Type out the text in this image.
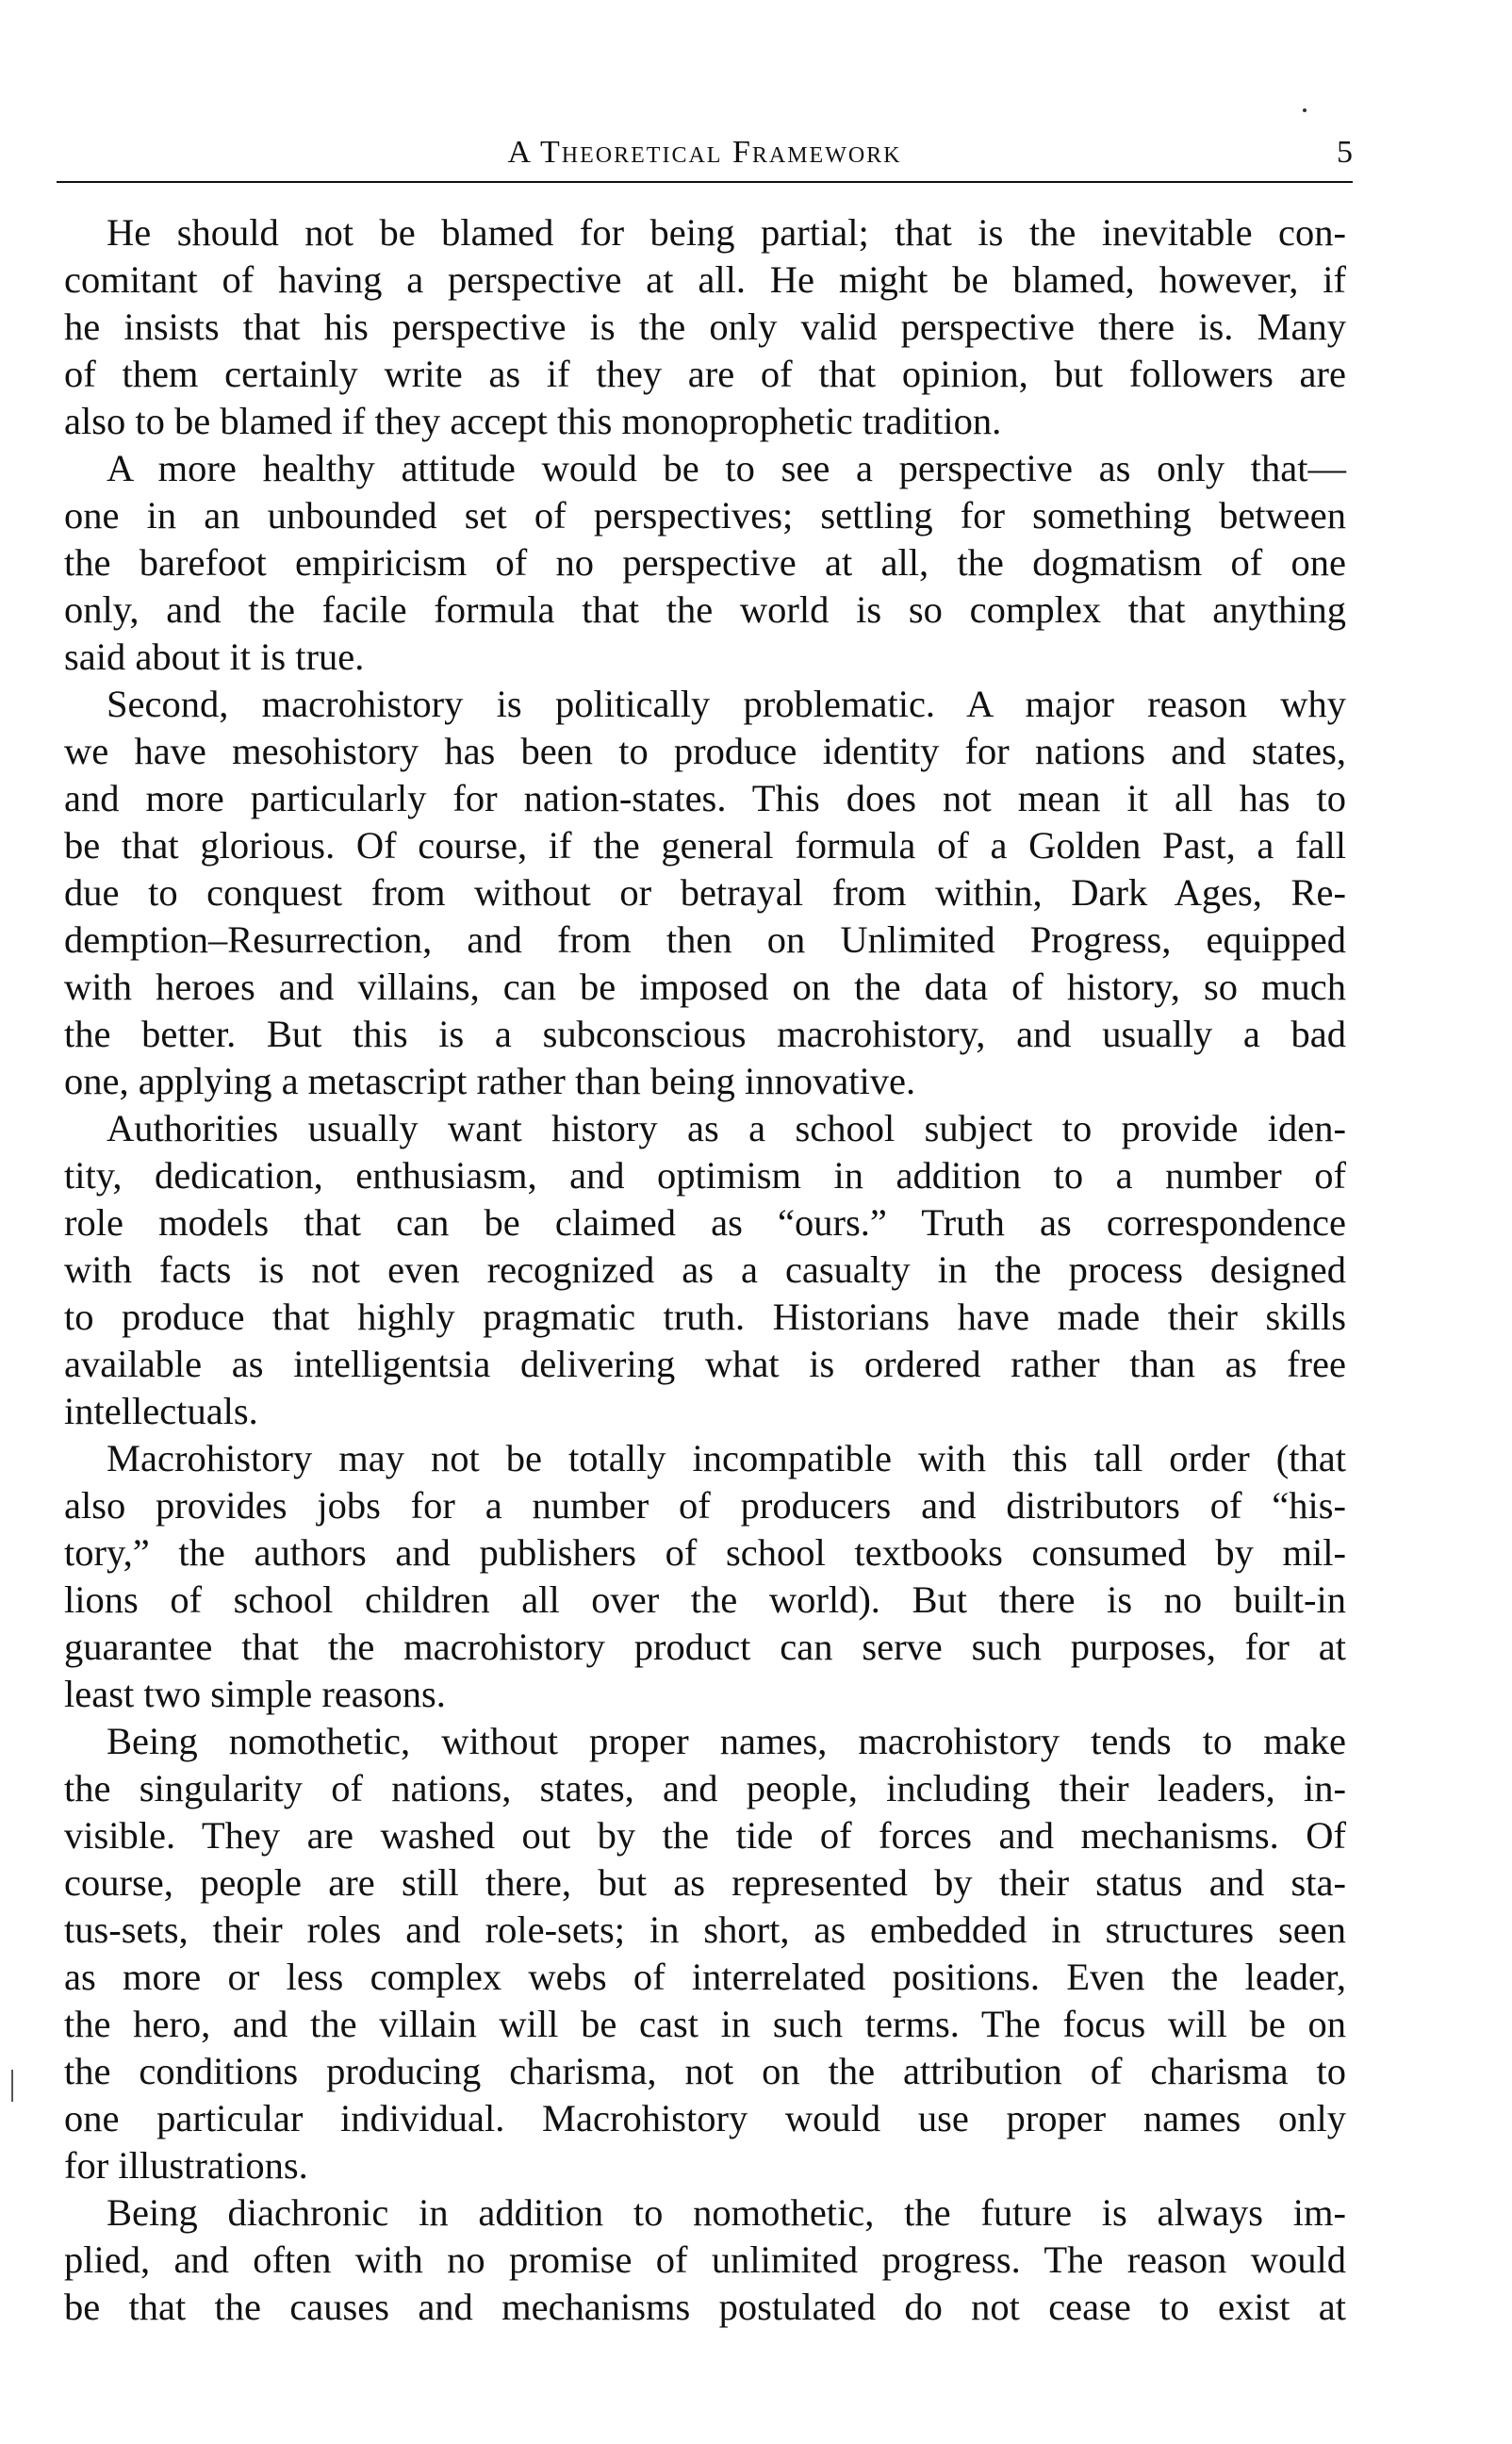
A Theoretical Framework	5
He should not be blamed for being partial; that is the inevitable con-
comitant of having a perspective at all. He might be blamed, however, if
he insists that his perspective is the only valid perspective there is. Many
of them certainly write as if they are of that opinion, but followers are
also to be blamed if they accept this monoprophetic tradition.
A more healthy attitude would be to see a perspective as only that—
one in an unbounded set of perspectives; settling for something between
the barefoot empiricism of no perspective at all, the dogmatism of one
only, and the facile formula that the world is so complex that anything
said about it is true.
Second, macrohistory is politically problematic. A major reason why
we have mesohistory has been to produce identity for nations and states,
and more particularly for nation-states. This does not mean it all has to
be that glorious. Of course, if the general formula of a Golden Past, a fall
due to conquest from without or betrayal from within, Dark Ages, Re-
demption–Resurrection, and from then on Unlimited Progress, equipped
with heroes and villains, can be imposed on the data of history, so much
the better. But this is a subconscious macrohistory, and usually a bad
one, applying a metascript rather than being innovative.
Authorities usually want history as a school subject to provide iden-
tity, dedication, enthusiasm, and optimism in addition to a number of
role models that can be claimed as “ours.” Truth as correspondence
with facts is not even recognized as a casualty in the process designed
to produce that highly pragmatic truth. Historians have made their skills
available as intelligentsia delivering what is ordered rather than as free
intellectuals.
Macrohistory may not be totally incompatible with this tall order (that
also provides jobs for a number of producers and distributors of “his-
tory,” the authors and publishers of school textbooks consumed by mil-
lions of school children all over the world). But there is no built-in
guarantee that the macrohistory product can serve such purposes, for at
least two simple reasons.
Being nomothetic, without proper names, macrohistory tends to make
the singularity of nations, states, and people, including their leaders, in-
visible. They are washed out by the tide of forces and mechanisms. Of
course, people are still there, but as represented by their status and sta-
tus-sets, their roles and role-sets; in short, as embedded in structures seen
as more or less complex webs of interrelated positions. Even the leader,
the hero, and the villain will be cast in such terms. The focus will be on
the conditions producing charisma, not on the attribution of charisma to
one particular individual. Macrohistory would use proper names only
for illustrations.
Being diachronic in addition to nomothetic, the future is always im-
plied, and often with no promise of unlimited progress. The reason would
be that the causes and mechanisms postulated do not cease to exist at
